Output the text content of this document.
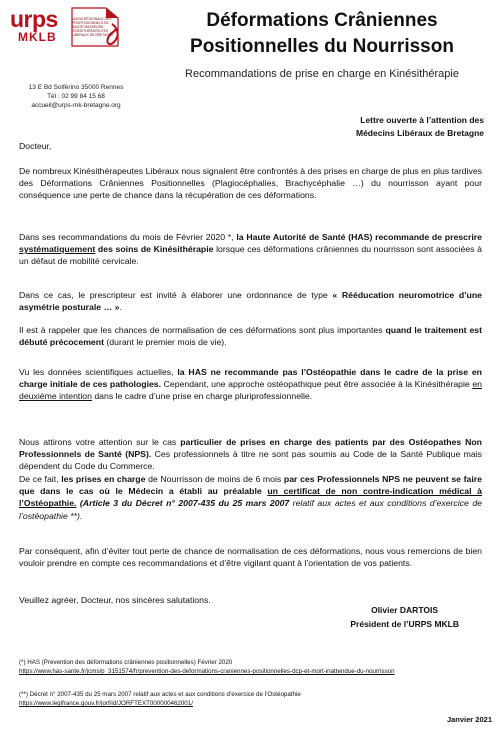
urps
MKLB
UNION RÉGIONALE DES PROFESSIONNELS DE SANTÉ MASSEURS-KINÉSITHÉRAPEUTES LIBÉRAUX DE BRETAGNE
Déformations Crâniennes
Positionnelles du Nourrisson
Recommandations de prise en charge en Kinésithérapie
13 E Bd Solférino 35000 Rennes
Tél : 02 99 84 15 68
accueil@urps-mk-bretagne.org
Lettre ouverte à l’attention des
Médecins Libéraux de Bretagne
Docteur,
De nombreux Kinésithérapeutes Libéraux nous signalent être confrontés à des prises en charge de plus en plus tardives des Déformations Crâniennes Positionnelles (Plagiocéphalies, Brachycéphalie …) du nourrisson ayant pour conséquence une perte de chance dans la récupération de ces déformations.
Dans ses recommandations du mois de Février 2020 *, la Haute Autorité de Santé (HAS) recommande de prescrire systématiquement des soins de Kinésithérapie lorsque ces déformations crâniennes du nourrisson sont associées à un défaut de mobilité cervicale.
Dans ce cas, le prescripteur est invité à élaborer une ordonnance de type « Rééducation neuromotrice d’une asymétrie posturale … ».
Il est à rappeler que les chances de normalisation de ces déformations sont plus importantes quand le traitement est débuté précocement (durant le premier mois de vie).
Vu les données scientifiques actuelles, la HAS ne recommande pas l’Ostéopathie dans le cadre de la prise en charge initiale de ces pathologies. Cependant, une approche ostéopathique peut être associée à la Kinésithérapie en deuxième intention dans le cadre d’une prise en charge pluriprofessionnelle.
Nous attirons votre attention sur le cas particulier de prises en charge des patients par des Ostéopathes Non Professionnels de Santé (NPS). Ces professionnels à titre ne sont pas soumis au Code de la Santé Publique mais dépendent du Code du Commerce.
De ce fait, les prises en charge de Nourrisson de moins de 6 mois par ces Professionnels NPS ne peuvent se faire que dans le cas où le Médecin a établi au préalable un certificat de non contre-indication médical à l’Ostéopathie. (Article 3 du Décret n° 2007-435 du 25 mars 2007 relatif aux actes et aux conditions d’exercice de l’ostéopathie **).
Par conséquent, afin d’éviter tout perte de chance de normalisation de ces déformations, nous vous remercions de bien vouloir prendre en compte ces recommandations et d’être vigilant quant à l’orientation de vos patients.
Veuillez agréer, Docteur, nos sincères salutations.
Olivier DARTOIS
Président de l’URPS MKLB
(*) HAS (Prevention des déformations crâniennes positionnelles) Février 2020
https://www.has-sante.fr/jcms/p_3151574/fr/prevention-des-deformations-craniennes-positionnelles-dcp-et-mort-inattendue-du-nourrisson
(**) Décret n° 2007-435 du 25 mars 2007 relatif aux actes et aux conditions d’exercice de l’Ostéopathie
https://www.legifrance.gouv.fr/jorf/id/JORFTEXT000000462001/
Janvier 2021
